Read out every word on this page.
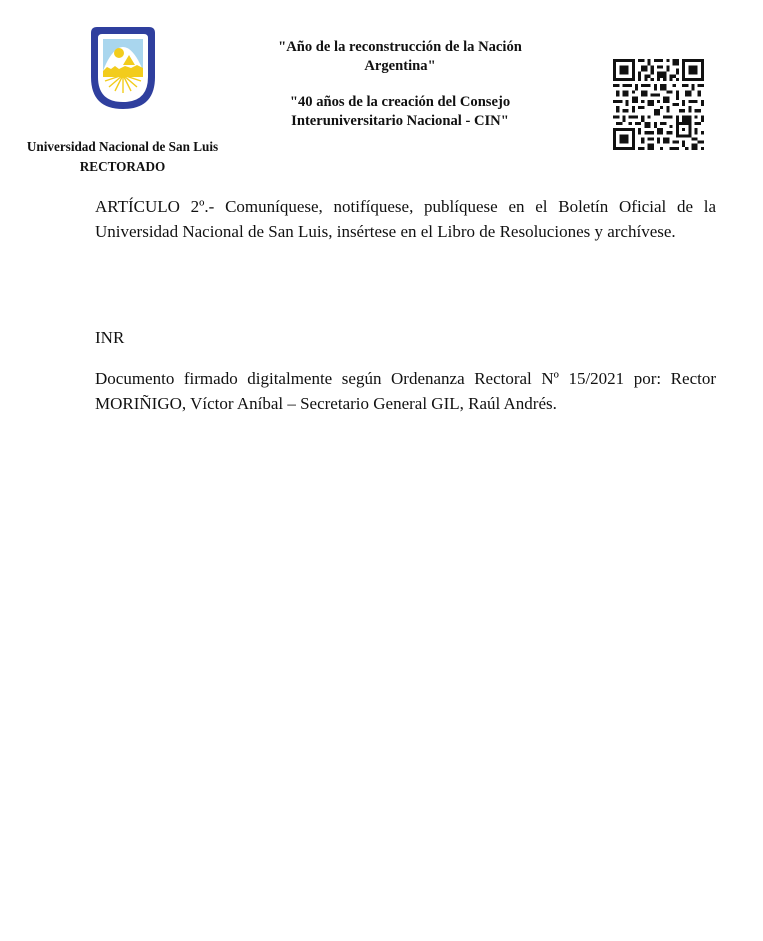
Universidad Nacional de San Luis
RECTORADO

"Año de la reconstrucción de la Nación
Argentina"

"40 años de la creación del Consejo
Interuniversitario Nacional - CIN"

ARTÍCULO 2º.- Comuníquese, notifíquese, publíquese en el Boletín Oficial de la Universidad Nacional de San Luis, insértese en el Libro de Resoluciones y archívese.

INR

Documento firmado digitalmente según Ordenanza Rectoral Nº 15/2021 por: Rector MORIÑIGO, Víctor Aníbal – Secretario General GIL, Raúl Andrés.
